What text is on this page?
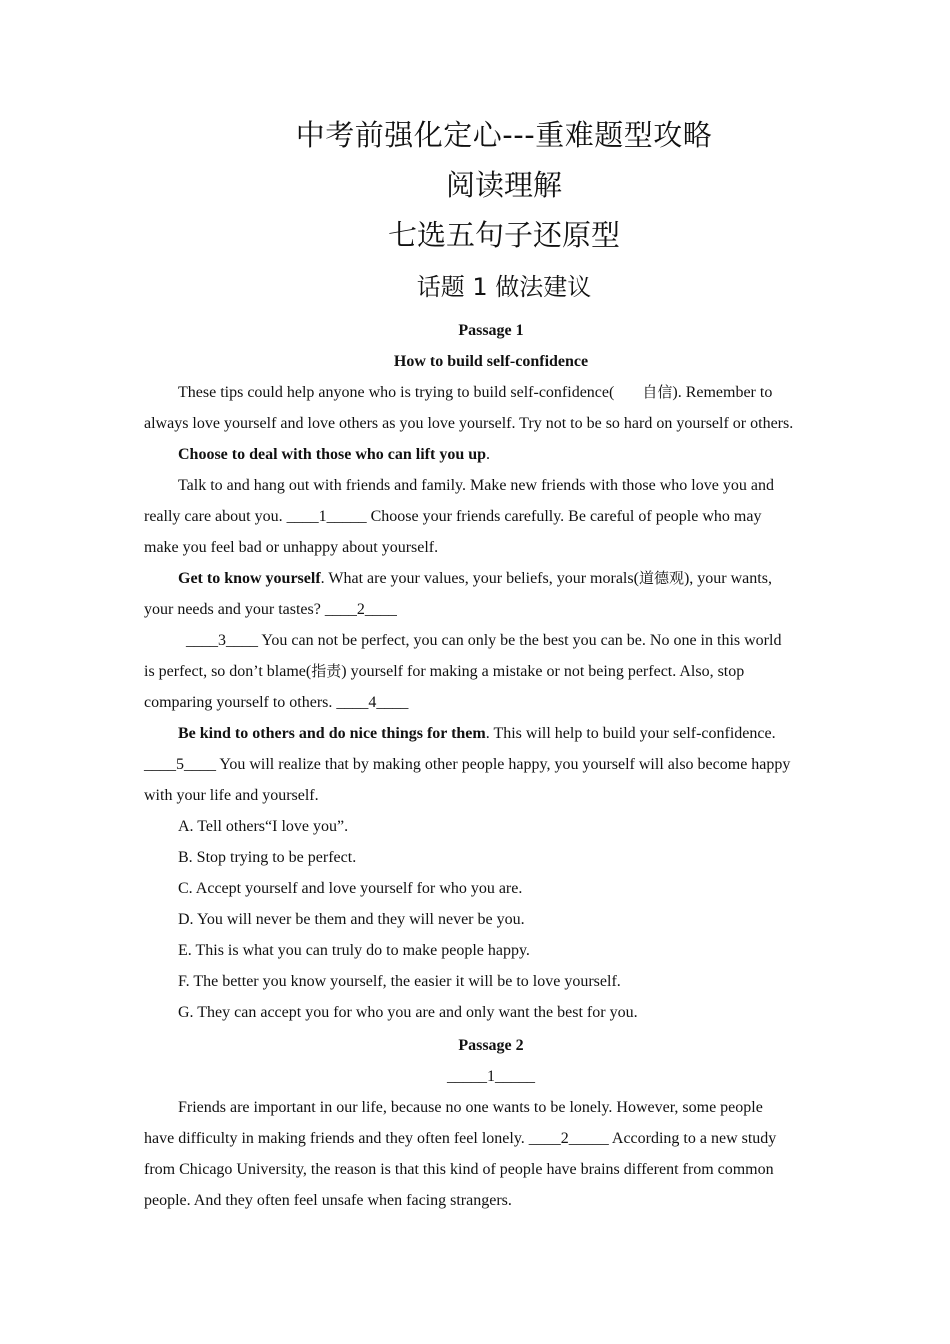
中考前强化定心---重难题型攻略
阅读理解
七选五句子还原型
话题 1 做法建议
Passage 1
How to build self-confidence
These tips could help anyone who is trying to build self-confidence( 自信). Remember to
always love yourself and love others as you love yourself. Try not to be so hard on yourself or others.
Choose to deal with those who can lift you up.
Talk to and hang out with friends and family. Make new friends with those who love you and
really care about you. ____1_____ Choose your friends carefully. Be careful of people who may
make you feel bad or unhappy about yourself.
Get to know yourself. What are your values, your beliefs, your morals(道德观), your wants,
your needs and your tastes? ____2____
____3____ You can not be perfect, you can only be the best you can be. No one in this world
is perfect, so don’t blame(指责) yourself for making a mistake or not being perfect. Also, stop
comparing yourself to others. ____4____
Be kind to others and do nice things for them. This will help to build your self-confidence.
____5____ You will realize that by making other people happy, you yourself will also become happy
with your life and yourself.
A. Tell others“I love you”.
B. Stop trying to be perfect.
C. Accept yourself and love yourself for who you are.
D. You will never be them and they will never be you.
E. This is what you can truly do to make people happy.
F. The better you know yourself, the easier it will be to love yourself.
G. They can accept you for who you are and only want the best for you.
Passage 2
_____1_____
Friends are important in our life, because no one wants to be lonely. However, some people
have difficulty in making friends and they often feel lonely. ____2_____ According to a new study
from Chicago University, the reason is that this kind of people have brains different from common
people. And they often feel unsafe when facing strangers.
